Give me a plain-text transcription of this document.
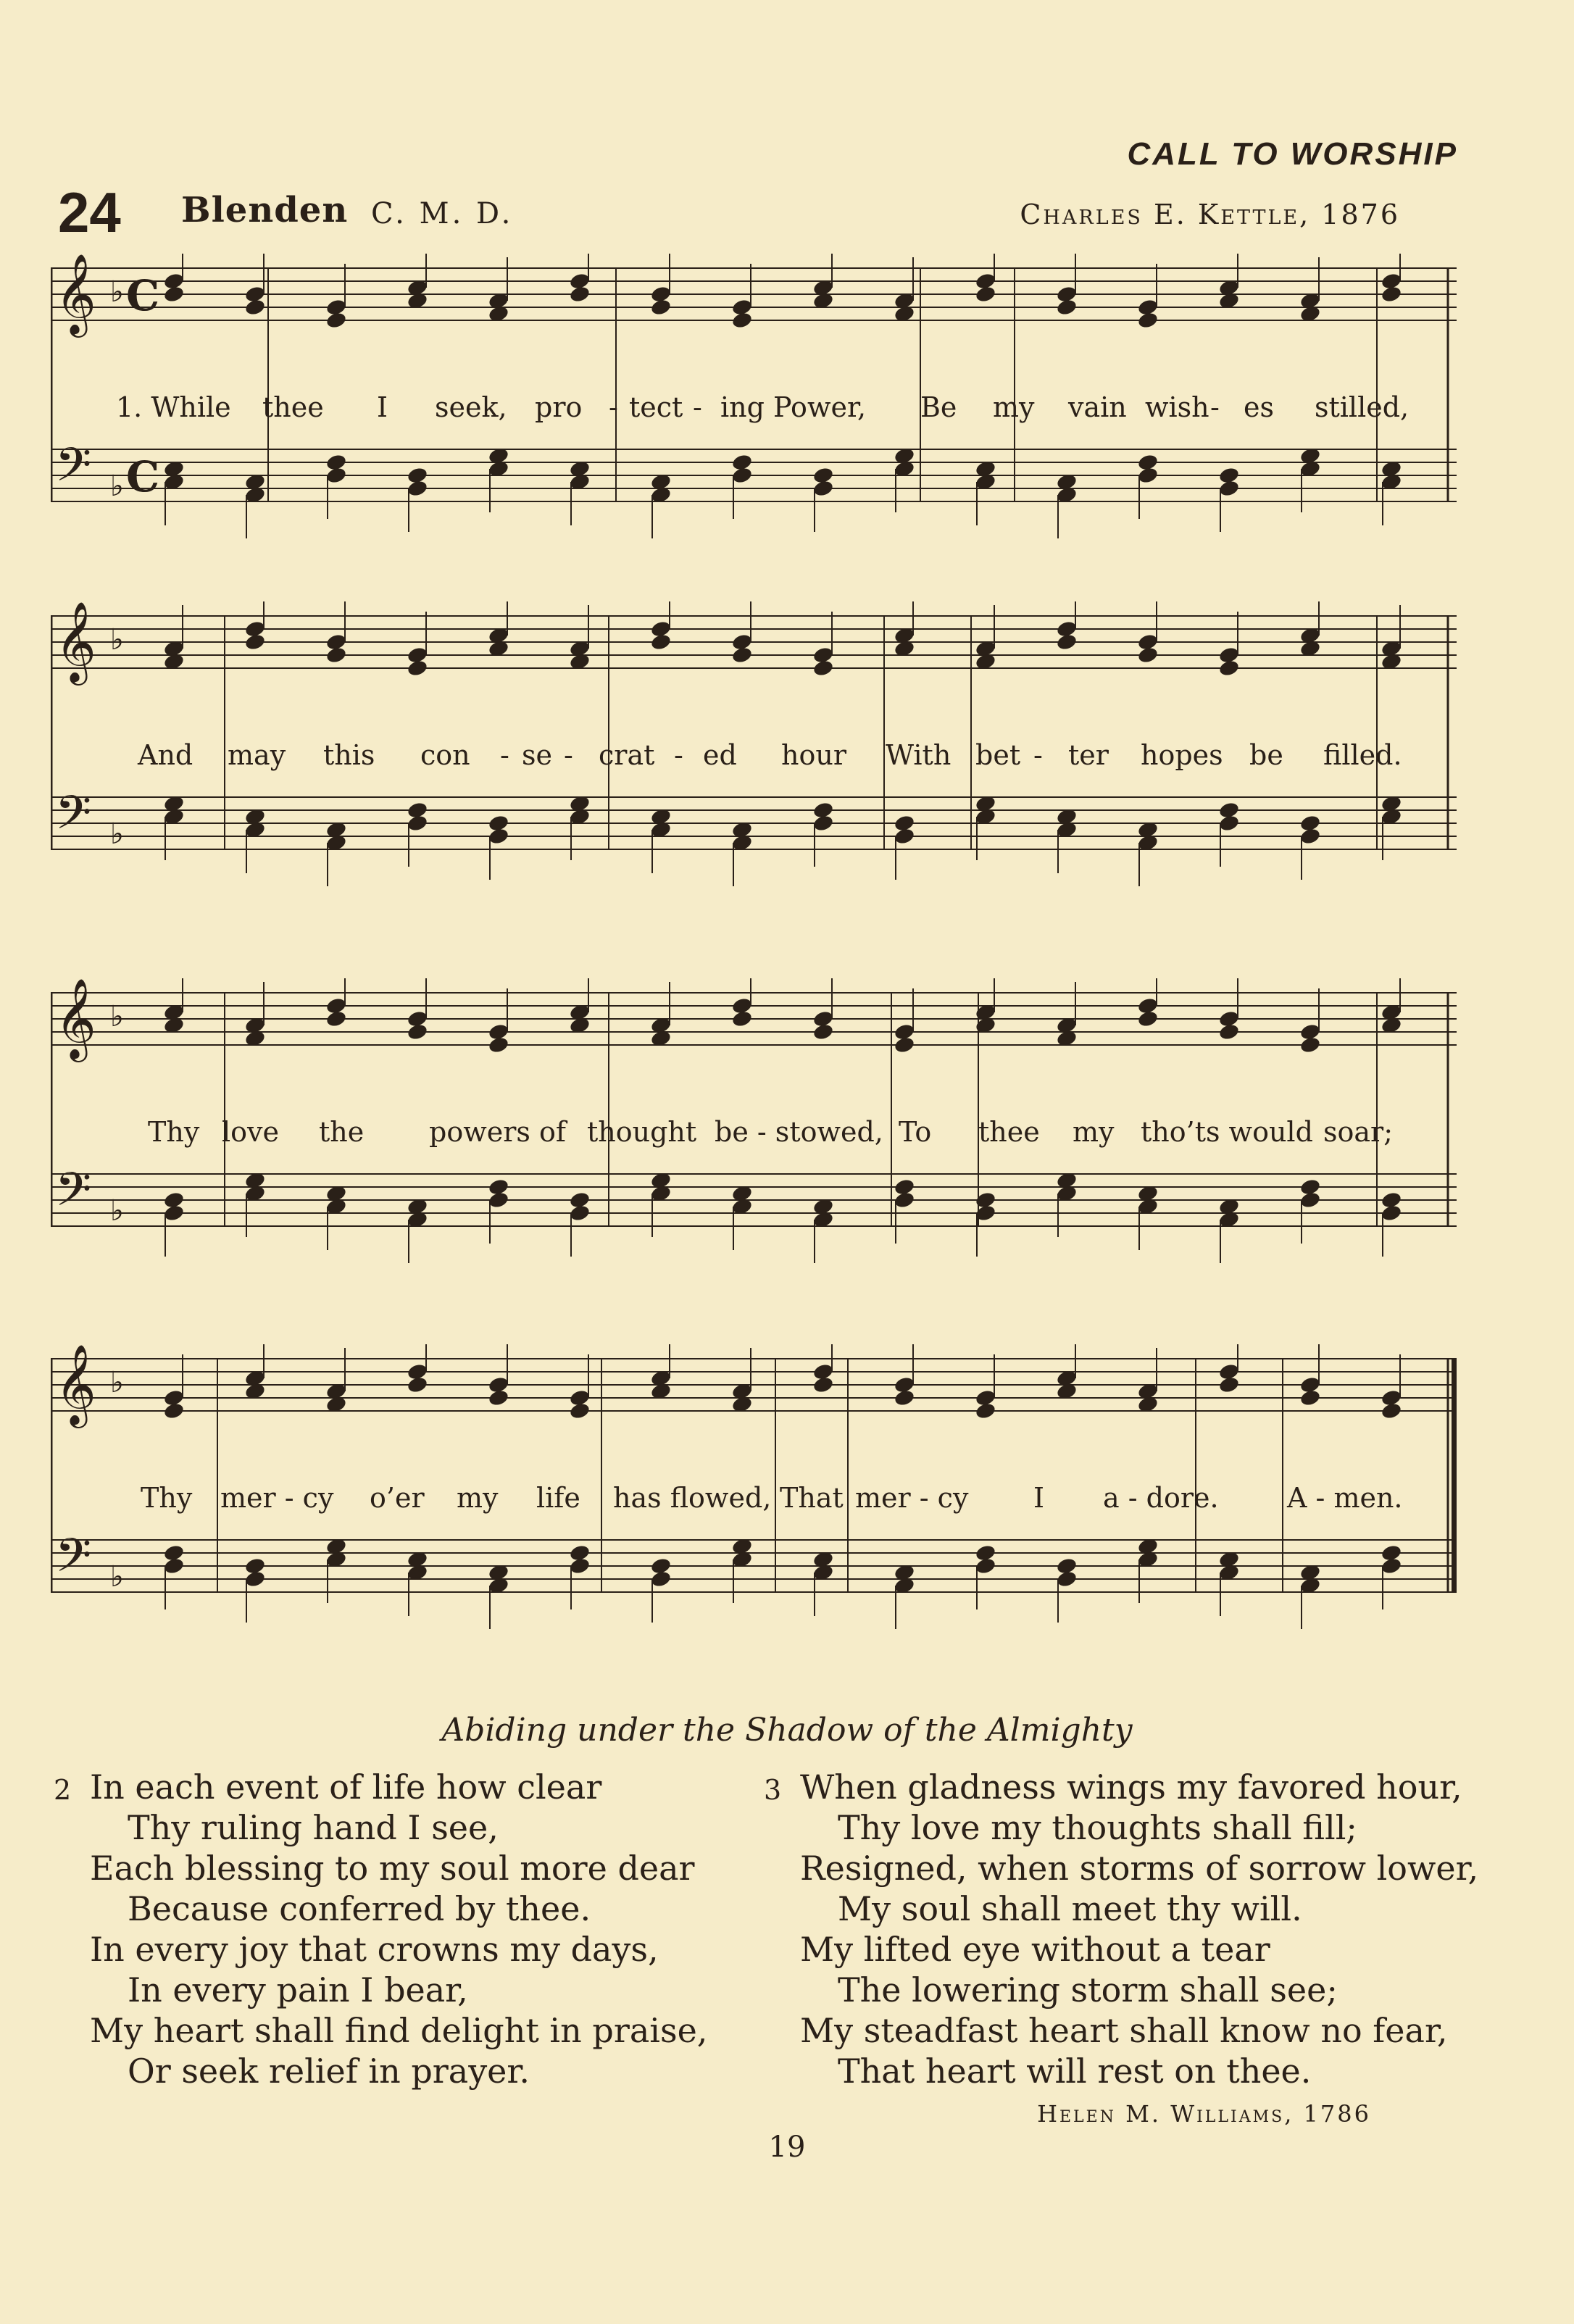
CALL TO WORSHIP
24 Blenden C. M. D.	Charles E. Kettle, 1876
𝄞
𝄢
♭
♭
C
C
1. While thee I seek, pro - tect - ing Power, Be my vain wish - es stilled,
𝄞
𝄢
♭
♭
And may this con - se - crat - ed hour With bet - ter hopes be filled.
𝄞
𝄢
♭
♭
Thy love the powers of thought be - stowed, To thee my tho’ts would soar;
𝄞
𝄢
♭
♭
Thy mer - cy o’er my life has flowed, That mer - cy I a - dore. A - men.
Abiding under the Shadow of the Almighty
2 In each event of life how clear
Thy ruling hand I see,
Each blessing to my soul more dear
Because conferred by thee.
In every joy that crowns my days,
In every pain I bear,
My heart shall find delight in praise,
Or seek relief in prayer.
3 When gladness wings my favored hour,
Thy love my thoughts shall fill;
Resigned, when storms of sorrow lower,
My soul shall meet thy will.
My lifted eye without a tear
The lowering storm shall see;
My steadfast heart shall know no fear,
That heart will rest on thee.
Helen M. Williams, 1786
19
